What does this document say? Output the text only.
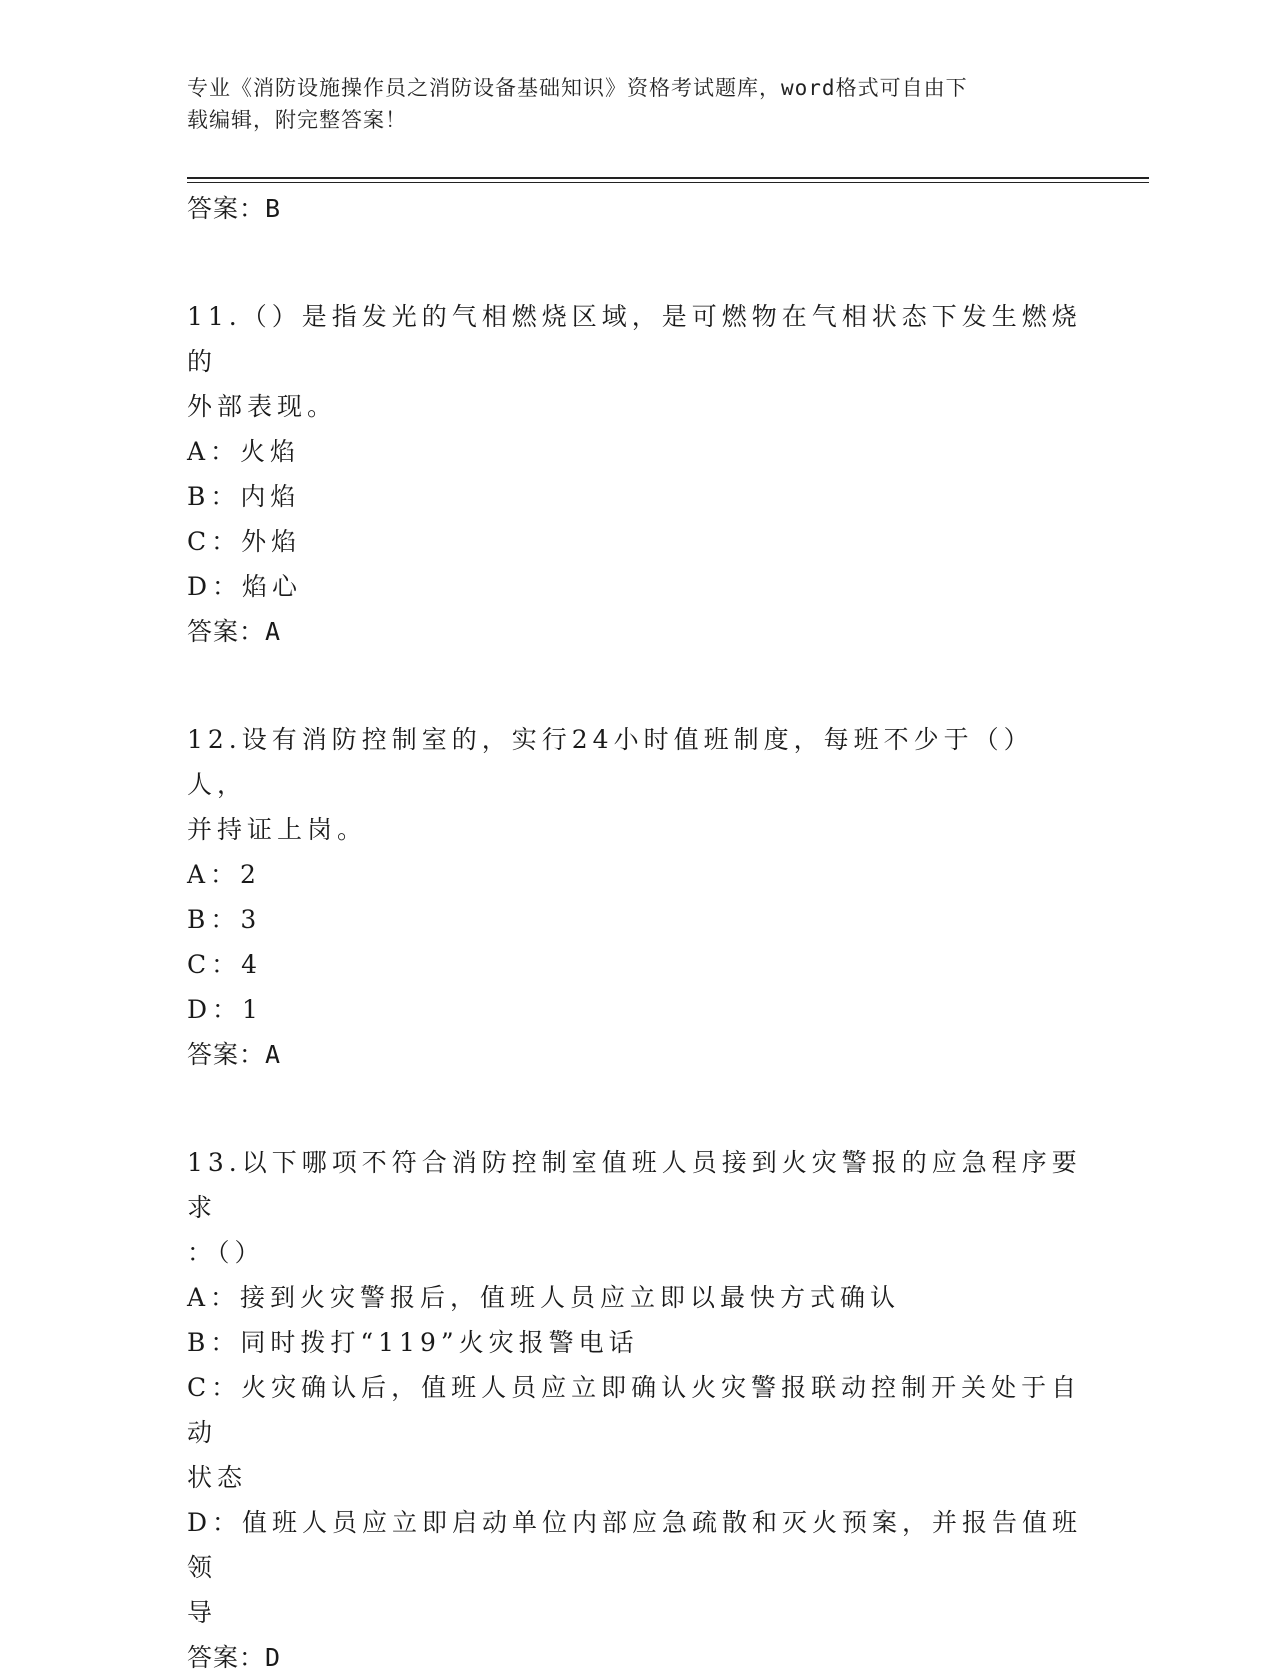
专业《消防设施操作员之消防设备基础知识》资格考试题库，word格式可自由下
载编辑，附完整答案！
答案：B
11.（）是指发光的气相燃烧区域，是可燃物在气相状态下发生燃烧的
外部表现。
A：火焰
B：内焰
C：外焰
D：焰心
答案：A
12.设有消防控制室的，实行24小时值班制度，每班不少于（）人，
并持证上岗。
A：2
B：3
C：4
D：1
答案：A
13.以下哪项不符合消防控制室值班人员接到火灾警报的应急程序要求
：（）
A：接到火灾警报后，值班人员应立即以最快方式确认
B：同时拨打“119”火灾报警电话
C：火灾确认后，值班人员应立即确认火灾警报联动控制开关处于自动
状态
D：值班人员应立即启动单位内部应急疏散和灭火预案，并报告值班领
导
答案：D
